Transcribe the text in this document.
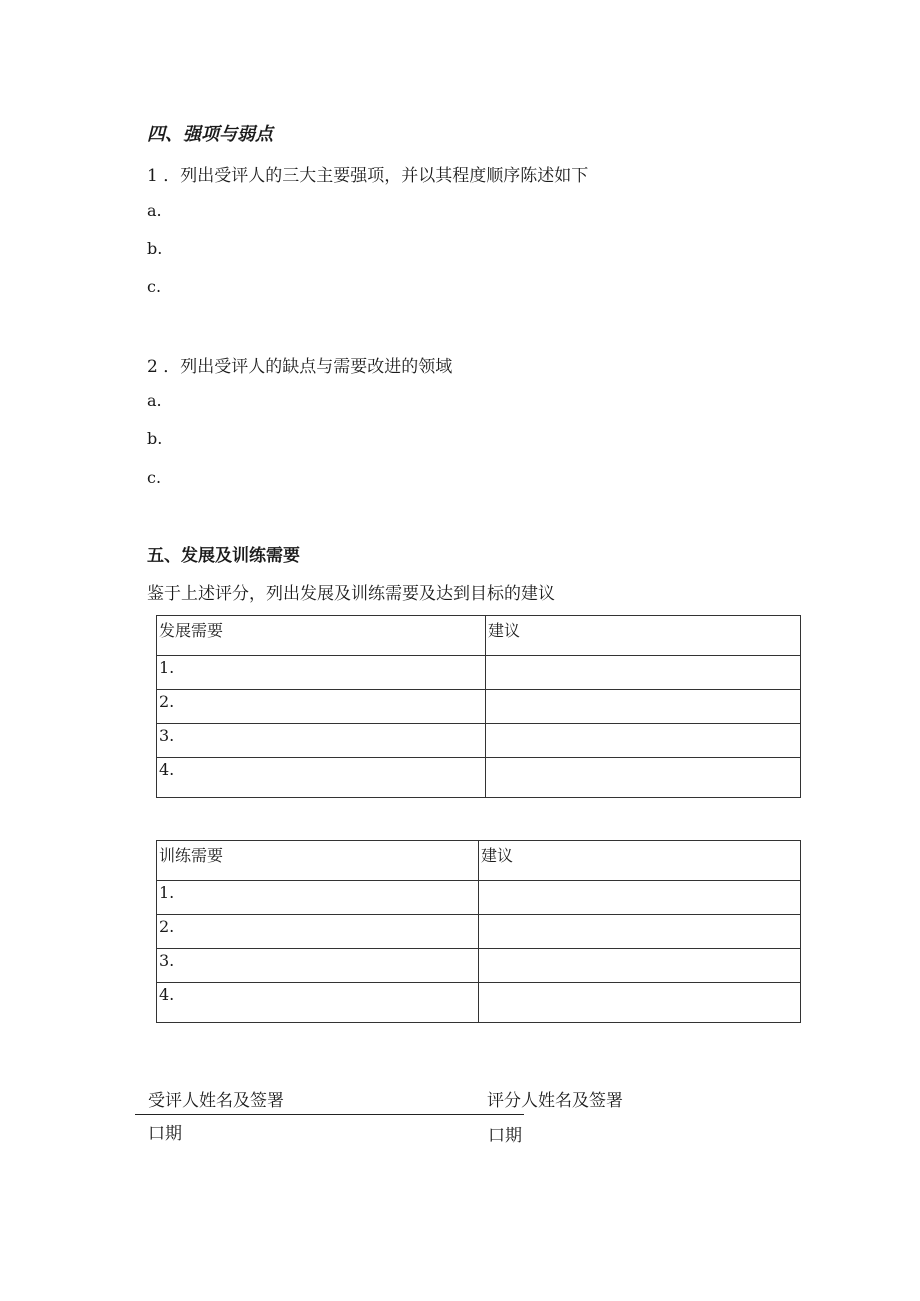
四、强项与弱点
1 ．列出受评人的三大主要强项，并以其程度顺序陈述如下
a.
b.
c.
2 ．列出受评人的缺点与需要改进的领域
a.
b.
c.
五、发展及训练需要
鉴于上述评分，列出发展及训练需要及达到目标的建议
发展需要	建议
1.	
2.	
3.	
4.	
训练需要	建议
1.	
2.	
3.	
4.	
受评人姓名及签署	评分人姓名及签署
口期	口期
